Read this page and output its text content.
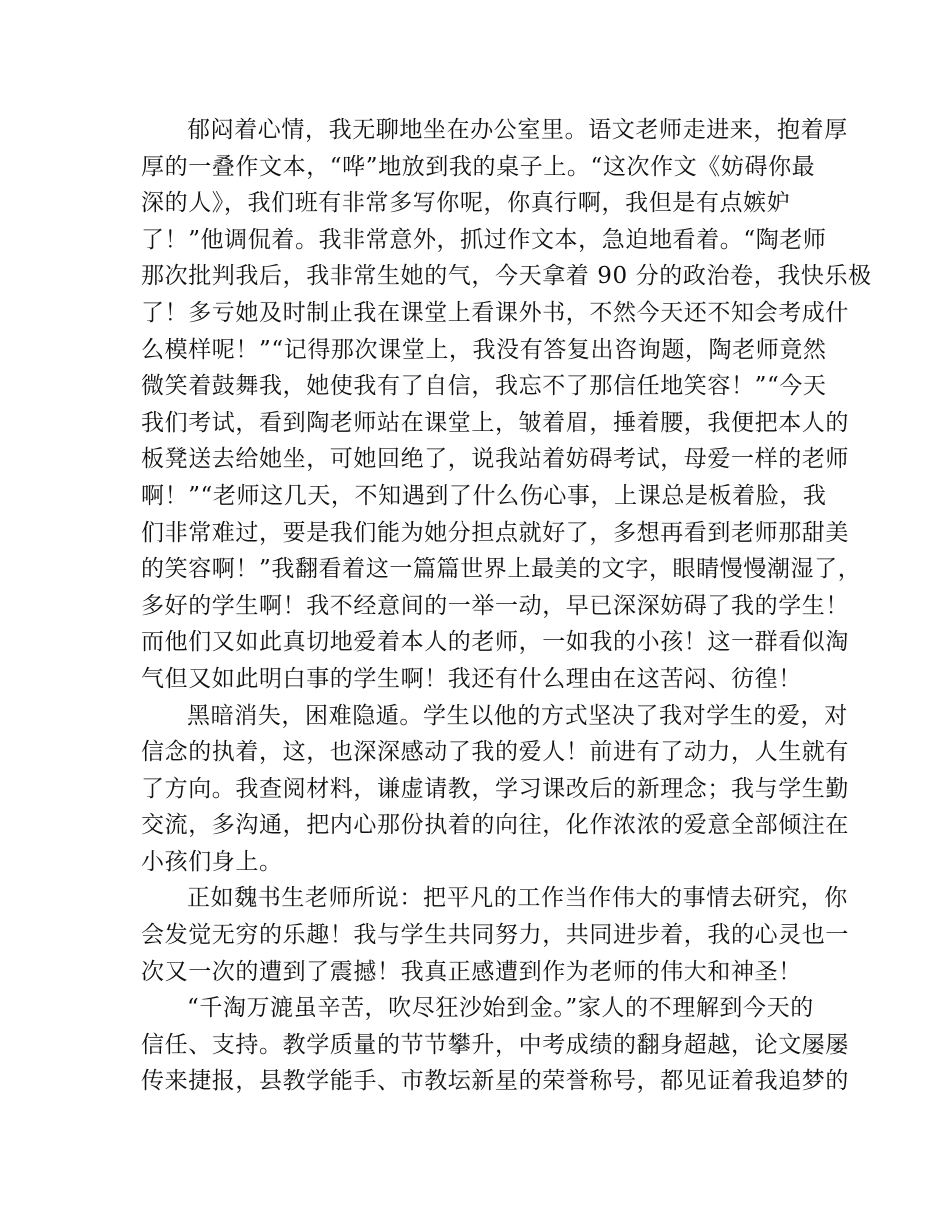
郁闷着心情，我无聊地坐在办公室里。语文老师走进来，抱着厚
厚的一叠作文本，“哗”地放到我的桌子上。“这次作文《妨碍你最
深的人》，我们班有非常多写你呢，你真行啊，我但是有点嫉妒
了！”他调侃着。我非常意外，抓过作文本，急迫地看着。“陶老师
那次批判我后，我非常生她的气，今天拿着 90 分的政治卷，我快乐极
了！多亏她及时制止我在课堂上看课外书，不然今天还不知会考成什
么模样呢！”“记得那次课堂上，我没有答复出咨询题，陶老师竟然
微笑着鼓舞我，她使我有了自信，我忘不了那信任地笑容！”“今天
我们考试，看到陶老师站在课堂上，皱着眉，捶着腰，我便把本人的
板凳送去给她坐，可她回绝了，说我站着妨碍考试，母爱一样的老师
啊！”“老师这几天，不知遇到了什么伤心事，上课总是板着脸，我
们非常难过，要是我们能为她分担点就好了，多想再看到老师那甜美
的笑容啊！”我翻看着这一篇篇世界上最美的文字，眼睛慢慢潮湿了，
多好的学生啊！我不经意间的一举一动，早已深深妨碍了我的学生！
而他们又如此真切地爱着本人的老师，一如我的小孩！这一群看似淘
气但又如此明白事的学生啊！我还有什么理由在这苦闷、彷徨！
黑暗消失，困难隐遁。学生以他的方式坚决了我对学生的爱，对
信念的执着，这，也深深感动了我的爱人！前进有了动力，人生就有
了方向。我查阅材料，谦虚请教，学习课改后的新理念；我与学生勤
交流，多沟通，把内心那份执着的向往，化作浓浓的爱意全部倾注在
小孩们身上。
正如魏书生老师所说：把平凡的工作当作伟大的事情去研究，你
会发觉无穷的乐趣！我与学生共同努力，共同进步着，我的心灵也一
次又一次的遭到了震撼！我真正感遭到作为老师的伟大和神圣！
“千淘万漉虽辛苦，吹尽狂沙始到金。”家人的不理解到今天的
信任、支持。教学质量的节节攀升，中考成绩的翻身超越，论文屡屡
传来捷报，县教学能手、市教坛新星的荣誉称号，都见证着我追梦的
